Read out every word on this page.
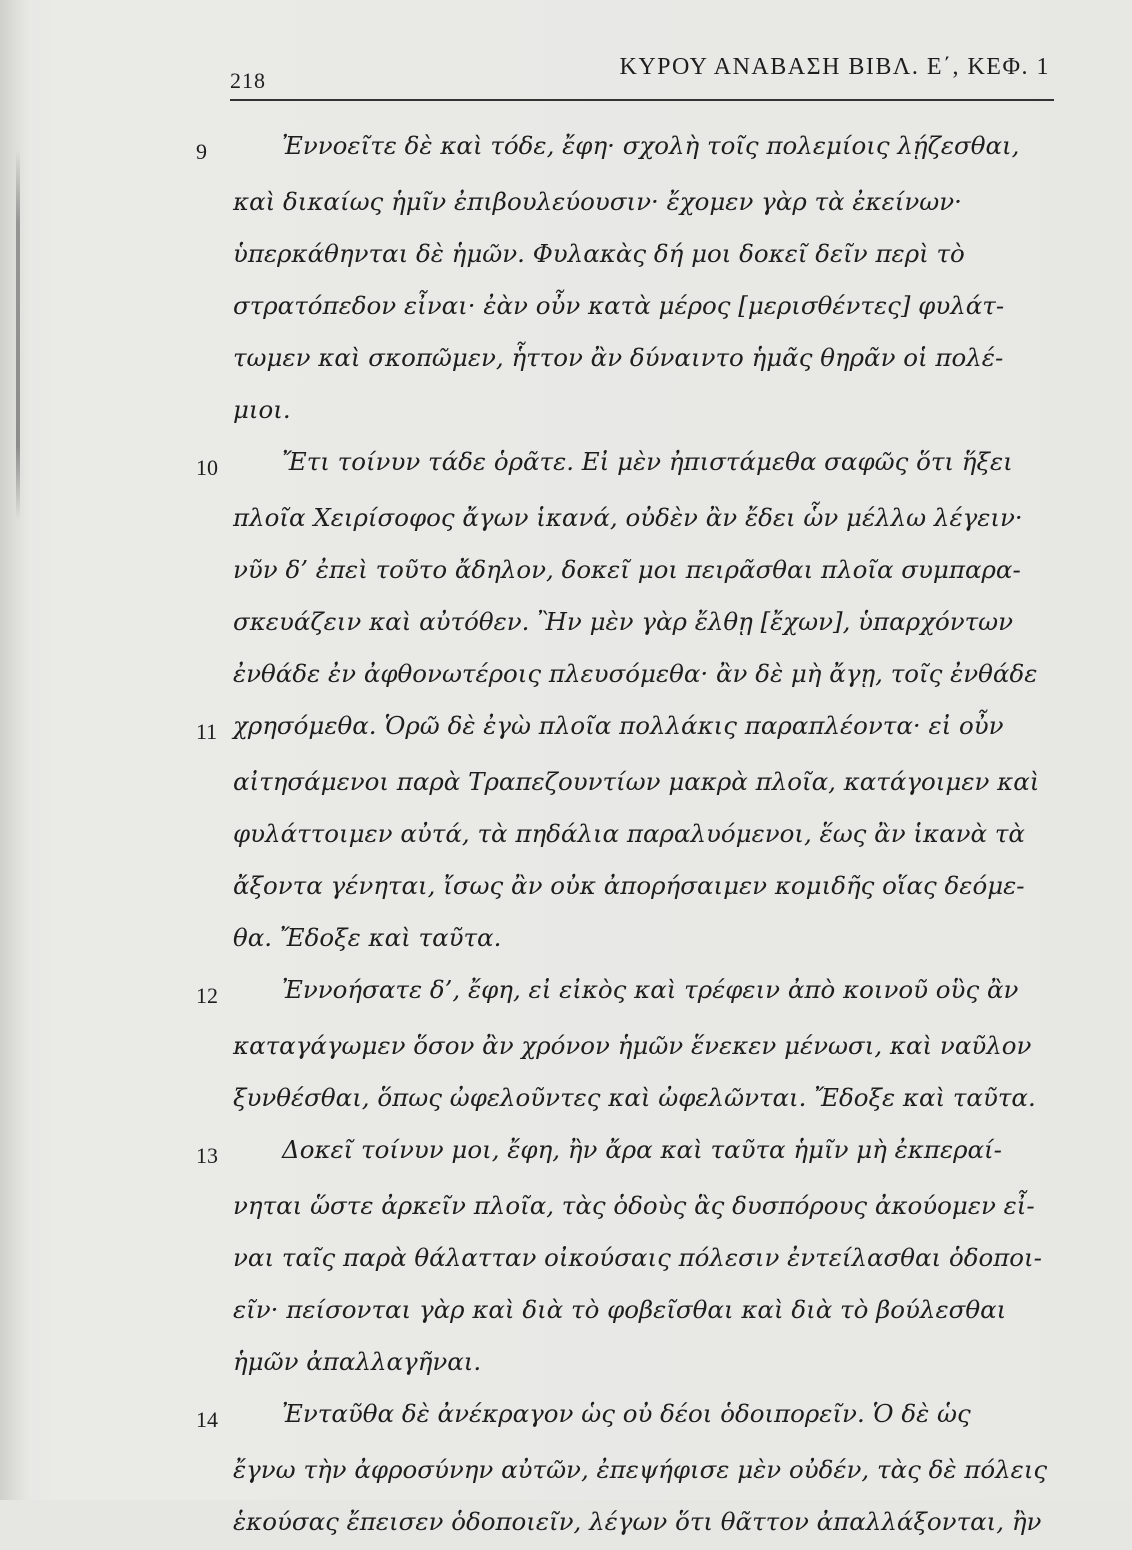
218
ΚΥΡΟΥ ΑΝΑΒΑΣΗ ΒΙΒΛ. Ε΄, ΚΕΦ. 1
9	Ἐννοεῖτε δὲ καὶ τόδε, ἔφη· σχολὴ τοῖς πολεμίοις λῄζεσθαι,
καὶ δικαίως ἡμῖν ἐπιβουλεύουσιν· ἔχομεν γὰρ τὰ ἐκείνων·
ὑπερκάθηνται δὲ ἡμῶν. Φυλακὰς δή μοι δοκεῖ δεῖν περὶ τὸ
στρατόπεδον εἶναι· ἐὰν οὖν κατὰ μέρος [μερισθέντες] φυλάτ-
τωμεν καὶ σκοπῶμεν, ἧττον ἂν δύναιντο ἡμᾶς θηρᾶν οἱ πολέ-
μιοι.
10	Ἔτι τοίνυν τάδε ὁρᾶτε. Εἰ μὲν ἠπιστάμεθα σαφῶς ὅτι ἥξει
πλοῖα Χειρίσοφος ἄγων ἱκανά, οὐδὲν ἂν ἔδει ὧν μέλλω λέγειν·
νῦν δ’ ἐπεὶ τοῦτο ἄδηλον, δοκεῖ μοι πειρᾶσθαι πλοῖα συμπαρα-
σκευάζειν καὶ αὐτόθεν. Ἢν μὲν γὰρ ἔλθῃ [ἔχων], ὑπαρχόντων
ἐνθάδε ἐν ἀφθονωτέροις πλευσόμεθα· ἂν δὲ μὴ ἄγῃ, τοῖς ἐνθάδε
11 χρησόμεθα. Ὁρῶ δὲ ἐγὼ πλοῖα πολλάκις παραπλέοντα· εἰ οὖν
αἰτησάμενοι παρὰ Τραπεζουντίων μακρὰ πλοῖα, κατάγοιμεν καὶ
φυλάττοιμεν αὐτά, τὰ πηδάλια παραλυόμενοι, ἕως ἂν ἱκανὰ τὰ
ἄξοντα γένηται, ἴσως ἂν οὐκ ἀπορήσαιμεν κομιδῆς οἵας δεόμε-
θα. Ἔδοξε καὶ ταῦτα.
12	Ἐννοήσατε δ’, ἔφη, εἰ εἰκὸς καὶ τρέφειν ἀπὸ κοινοῦ οὓς ἂν
καταγάγωμεν ὅσον ἂν χρόνον ἡμῶν ἕνεκεν μένωσι, καὶ ναῦλον
ξυνθέσθαι, ὅπως ὠφελοῦντες καὶ ὠφελῶνται. Ἔδοξε καὶ ταῦτα.
13	Δοκεῖ τοίνυν μοι, ἔφη, ἢν ἄρα καὶ ταῦτα ἡμῖν μὴ ἐκπεραί-
νηται ὥστε ἀρκεῖν πλοῖα, τὰς ὁδοὺς ἃς δυσπόρους ἀκούομεν εἶ-
ναι ταῖς παρὰ θάλατταν οἰκούσαις πόλεσιν ἐντείλασθαι ὁδοποι-
εῖν· πείσονται γὰρ καὶ διὰ τὸ φοβεῖσθαι καὶ διὰ τὸ βούλεσθαι
ἡμῶν ἀπαλλαγῆναι.
14	Ἐνταῦθα δὲ ἀνέκραγον ὡς οὐ δέοι ὁδοιπορεῖν. Ὁ δὲ ὡς
ἔγνω τὴν ἀφροσύνην αὐτῶν, ἐπεψήφισε μὲν οὐδέν, τὰς δὲ πόλεις
ἑκούσας ἔπεισεν ὁδοποιεῖν, λέγων ὅτι θᾶττον ἀπαλλάξονται, ἢν
